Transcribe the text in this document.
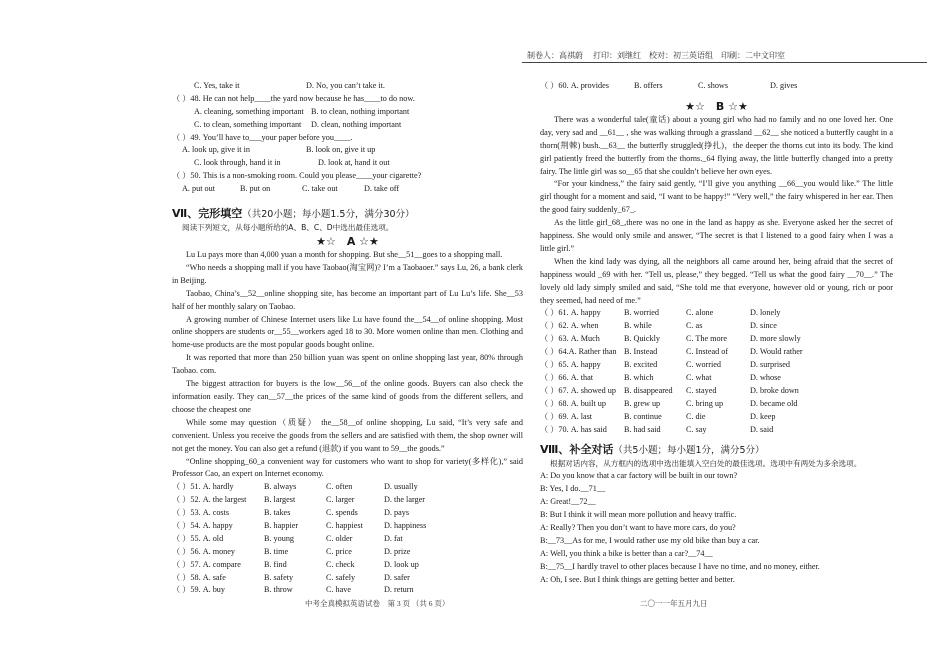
制卷人：高祺蔚　 打印：刘继红　校对：初三英语组　印刷：二中文印室
C. Yes, take it	D. No, you can’t take it.
（ ）48. He can not help____the yard now because he has____to do now.
A. cleaning, something important B. to clean, nothing important
C. to clean, something important D. clean, nothing important
（ ）49. You’ll have to___your paper before you____.
A. look up, give it in	B. look on, give it up
C. look through, hand it in	D. look at, hand it out
（ ）50. This is a non-smoking room. Could you please____your cigarette?
A. put out	B. put on	C. take out	D. take off
Ⅶ、完形填空（共20小题；每小题1.5分，满分30分）
阅读下列短文，从每小题所给的A、B、C、D中选出最佳选项。
★☆　A ☆★
Lu Lu pays more than 4,000 yuan a month for shopping. But she__51__goes to a shopping mall.
“Who needs a shopping mall if you have Taobao(淘宝网)? I’m a Taobaoer.” says Lu, 26, a bank clerk in Beijing.
Taobao, China’s__52__online shopping site, has become an important part of Lu Lu’s life. She__53 half of her monthly salary on Taobao.
A growing number of Chinese Internet users like Lu have found the__54__of online shopping. Most online shoppers are students or__55__workers aged 18 to 30. More women online than men. Clothing and home-use products are the most popular goods bought online.
It was reported that more than 250 billion yuan was spent on online shopping last year, 80% through Taobao. com.
The biggest attraction for buyers is the low__56__of the online goods. Buyers can also check the information easily. They can__57__the prices of the same kind of goods from the different sellers, and choose the cheapest one
While some may question（质疑） the__58__of online shopping, Lu said, “It’s very safe and convenient. Unless you receive the goods from the sellers and are satisfied with them, the shop owner will not get the money. You can also get a refund (退款) if you want to 59__the goods.”
“Online shopping_60_a convenient way for customers who want to shop for variety(多样化),” said Professor Cao, an expert on Internet economy.
（ ）51. A. hardly	B. always	C. often	D. usually
（ ）52. A. the largest B. largest	C. larger	D. the larger
（ ）53. A. costs	B. takes	C. spends	D. pays
（ ）54. A. happy	B. happier	C. happiest	D. happiness
（ ）55. A. old	B. young	C. older	D. fat
（ ）56. A. money	B. time	C. price	D. prize
（ ）57. A. compare	B. find	C. check	D. look up
（ ）58. A. safe	B. safety	C. safely	D. safer
（ ）59. A. buy	B. throw	C. have	D. return
（ ）60. A. provides	B. offers	C. shows	D. gives
★☆　B ☆★
There was a wonderful tale(童话) about a young girl who had no family and no one loved her. One day, very sad and __61__ , she was walking through a grassland __62__ she noticed a butterfly caught in a thorn(荆棘) bush.__63__ the butterfly struggled(挣扎)，the deeper the thorns cut into its body. The kind girl patiently freed the butterfly from the thorns._64 flying away, the little butterfly changed into a pretty fairy. The little girl was so__65 that she couldn’t believe her own eyes.
“For your kindness,” the fairy said gently, “I’ll give you anything __66__you would like.” The little girl thought for a moment and said, “I want to be happy!” “Very well,” the fairy whispered in her ear. Then the good fairy suddenly_67_.
As the little girl_68_,there was no one in the land as happy as she. Everyone asked her the secret of happiness. She would only smile and answer, “The secret is that I listened to a good fairy when I was a little girl.”
When the kind lady was dying, all the neighbors all came around her, being afraid that the secret of happiness would _69 with her. “Tell us, please,” they begged. “Tell us what the good fairy __70__.” The lovely old lady simply smiled and said, “She told me that everyone, however old or young, rich or poor they seemed, had need of me.”
（ ）61. A. happy	B. worried	C. alone	D. lonely
（ ）62. A. when	B. while	C. as	D. since
（ ）63. A. Much	B. Quickly	C. The more	D. more slowly
（ ）64.A. Rather than B. Instead	C. Instead of	D. Would rather
（ ）65. A. happy	B. excited	C. worried	D. surprised
（ ）66. A. that	B. which	C. what	D. whose
（ ）67. A. showed up B. disappeared C. stayed	D. broke down
（ ）68. A. built up B. grew up	C. bring up	D. became old
（ ）69. A. last	B. continue	C. die	D. keep
（ ）70. A. has said B. had said	C. say	D. said
Ⅷ、补全对话（共5小题；每小题1分，满分5分）
根据对话内容，从方框内的选项中选出能填入空白处的最佳选项。选项中有两处为多余选项。
A: Do you know that a car factory will be built in our town?
B: Yes, I do.__71__
A: Great!__72__
B: But I think it will mean more pollution and heavy traffic.
A: Really? Then you don’t want to have more cars, do you?
B:__73__As for me, I would rather use my old bike than buy a car.
A: Well, you think a bike is better than a car?__74__
B:__75__I hardly travel to other places because I have no time, and no money, either.
A: Oh, I see. But I think things are getting better and better.
中考全真模拟英语试卷　第 3 页 （共 6 页）	二〇一一年五月九日
